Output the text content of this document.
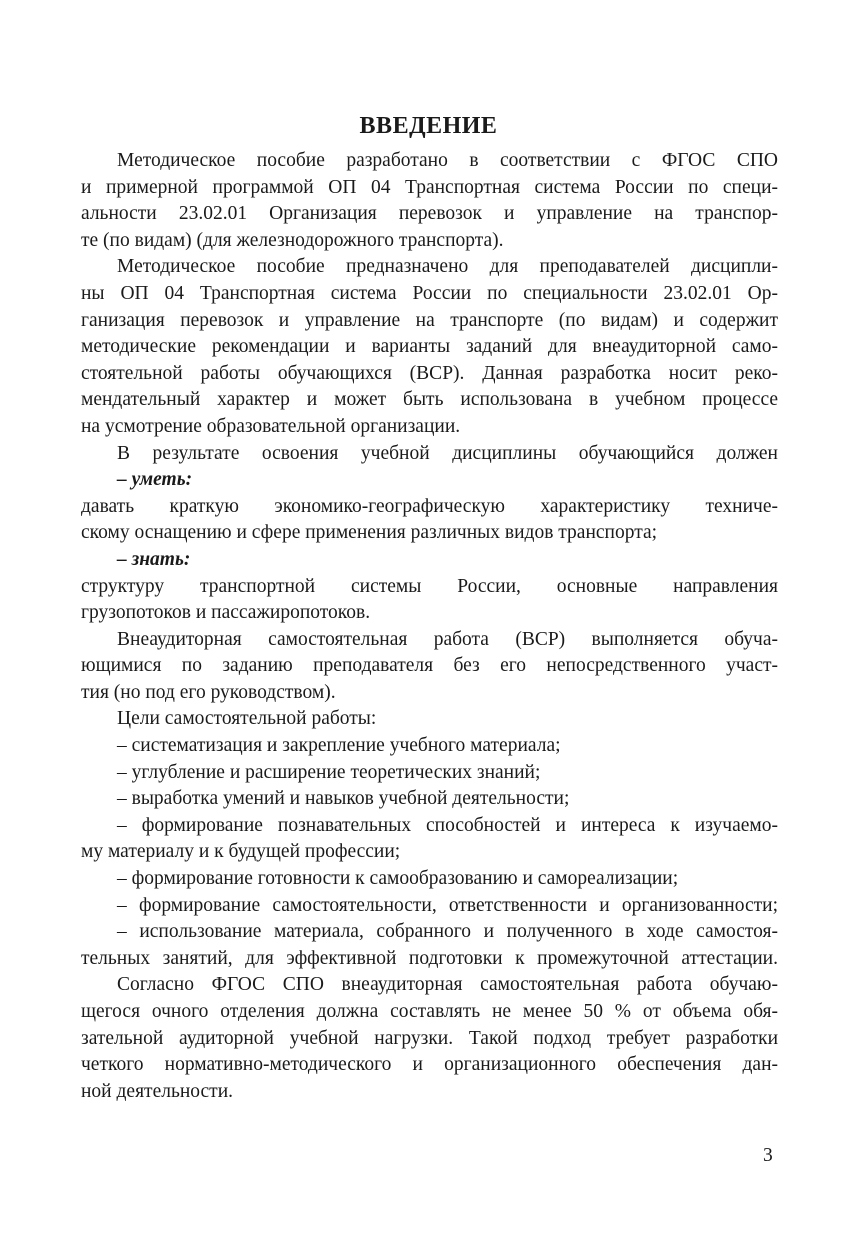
ВВЕДЕНИЕ
Методическое пособие разработано в соответствии с ФГОС СПО
и примерной программой ОП 04 Транспортная система России по специ-
альности 23.02.01 Организация перевозок и управление на транспор-
те (по видам) (для железнодорожного транспорта).
Методическое пособие предназначено для преподавателей дисципли-
ны ОП 04 Транспортная система России по специальности 23.02.01 Ор-
ганизация перевозок и управление на транспорте (по видам) и содержит
методические рекомендации и варианты заданий для внеаудиторной само-
стоятельной работы обучающихся (ВСР). Данная разработка носит реко-
мендательный характер и может быть использована в учебном процессе
на усмотрение образовательной организации.
В результате освоения учебной дисциплины обучающийся должен
– уметь:
давать краткую экономико-географическую характеристику техниче-
скому оснащению и сфере применения различных видов транспорта;
– знать:
структуру транспортной системы России, основные направления
грузопотоков и пассажиропотоков.
Внеаудиторная самостоятельная работа (ВСР) выполняется обуча-
ющимися по заданию преподавателя без его непосредственного участ-
тия (но под его руководством).
Цели самостоятельной работы:
– систематизация и закрепление учебного материала;
– углубление и расширение теоретических знаний;
– выработка умений и навыков учебной деятельности;
– формирование познавательных способностей и интереса к изучаемо-
му материалу и к будущей профессии;
– формирование готовности к самообразованию и самореализации;
– формирование самостоятельности, ответственности и организованности;
– использование материала, собранного и полученного в ходе самостоя-
тельных занятий, для эффективной подготовки к промежуточной аттестации.
Согласно ФГОС СПО внеаудиторная самостоятельная работа обучаю-
щегося очного отделения должна составлять не менее 50 % от объема обя-
зательной аудиторной учебной нагрузки. Такой подход требует разработки
четкого нормативно-методического и организационного обеспечения дан-
ной деятельности.
3
